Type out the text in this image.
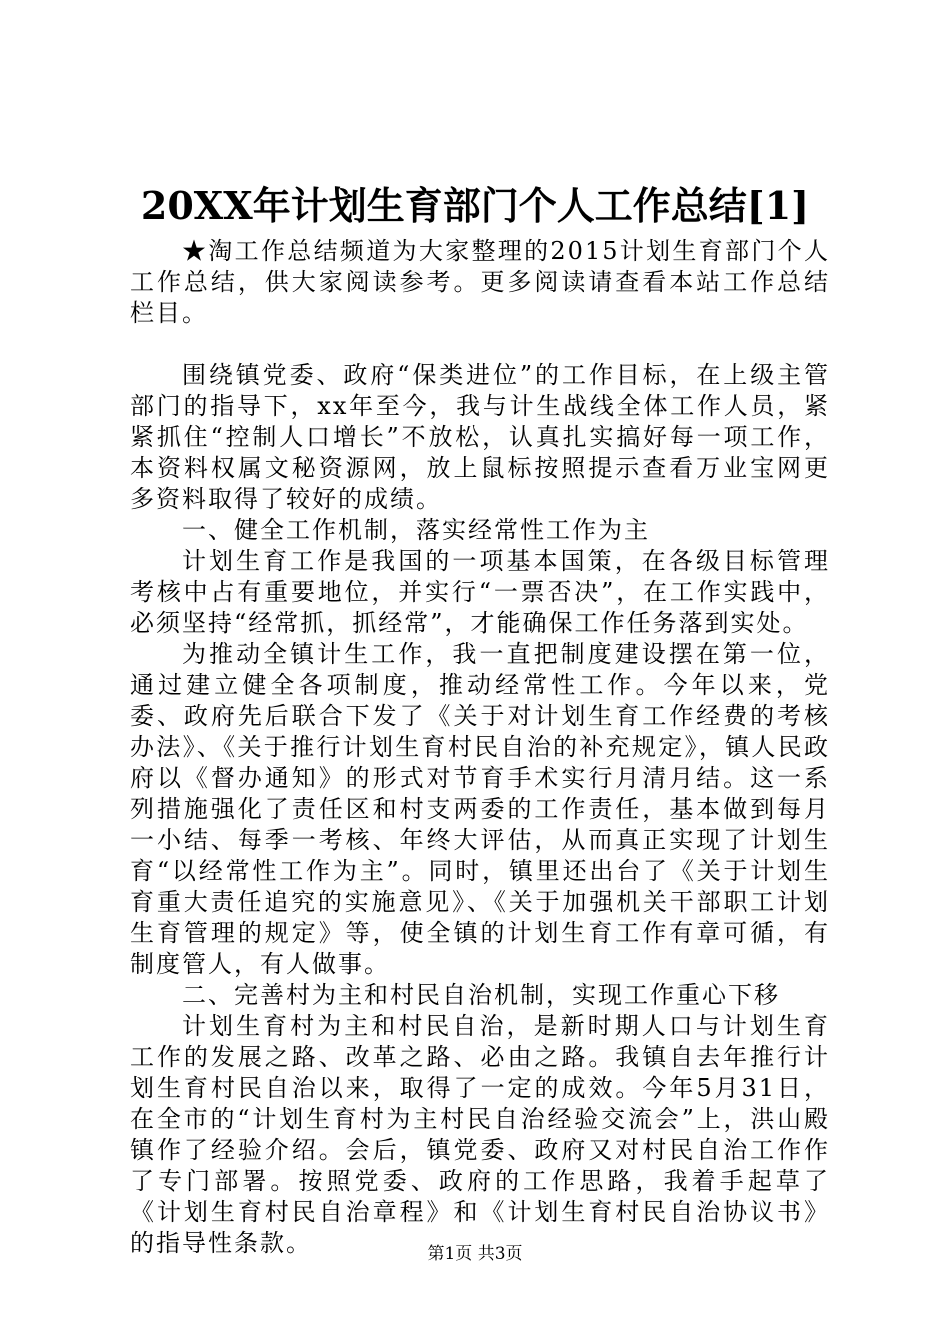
20XX年计划生育部门个人工作总结[1]

★淘工作总结频道为大家整理的2015计划生育部门个人工作总结，供大家阅读参考。更多阅读请查看本站工作总结栏目。

围绕镇党委、政府“保类进位”的工作目标，在上级主管部门的指导下，xx年至今，我与计生战线全体工作人员，紧紧抓住“控制人口增长”不放松，认真扎实搞好每一项工作，本资料权属文秘资源网，放上鼠标按照提示查看万业宝网更多资料取得了较好的成绩。

一、健全工作机制，落实经常性工作为主

计划生育工作是我国的一项基本国策，在各级目标管理考核中占有重要地位，并实行“一票否决”，在工作实践中，必须坚持“经常抓，抓经常”，才能确保工作任务落到实处。

为推动全镇计生工作，我一直把制度建设摆在第一位，通过建立健全各项制度，推动经常性工作。今年以来，党委、政府先后联合下发了《关于对计划生育工作经费的考核办法》、《关于推行计划生育村民自治的补充规定》，镇人民政府以《督办通知》的形式对节育手术实行月清月结。这一系列措施强化了责任区和村支两委的工作责任，基本做到每月一小结、每季一考核、年终大评估，从而真正实现了计划生育“以经常性工作为主”。同时，镇里还出台了《关于计划生育重大责任追究的实施意见》、《关于加强机关干部职工计划生育管理的规定》等，使全镇的计划生育工作有章可循，有制度管人，有人做事。

二、完善村为主和村民自治机制，实现工作重心下移

计划生育村为主和村民自治，是新时期人口与计划生育工作的发展之路、改革之路、必由之路。我镇自去年推行计划生育村民自治以来，取得了一定的成效。今年5月31日，在全市的“计划生育村为主村民自治经验交流会”上，洪山殿镇作了经验介绍。会后，镇党委、政府又对村民自治工作作了专门部署。按照党委、政府的工作思路，我着手起草了《计划生育村民自治章程》和《计划生育村民自治协议书》的指导性条款。	第1页 共3页
